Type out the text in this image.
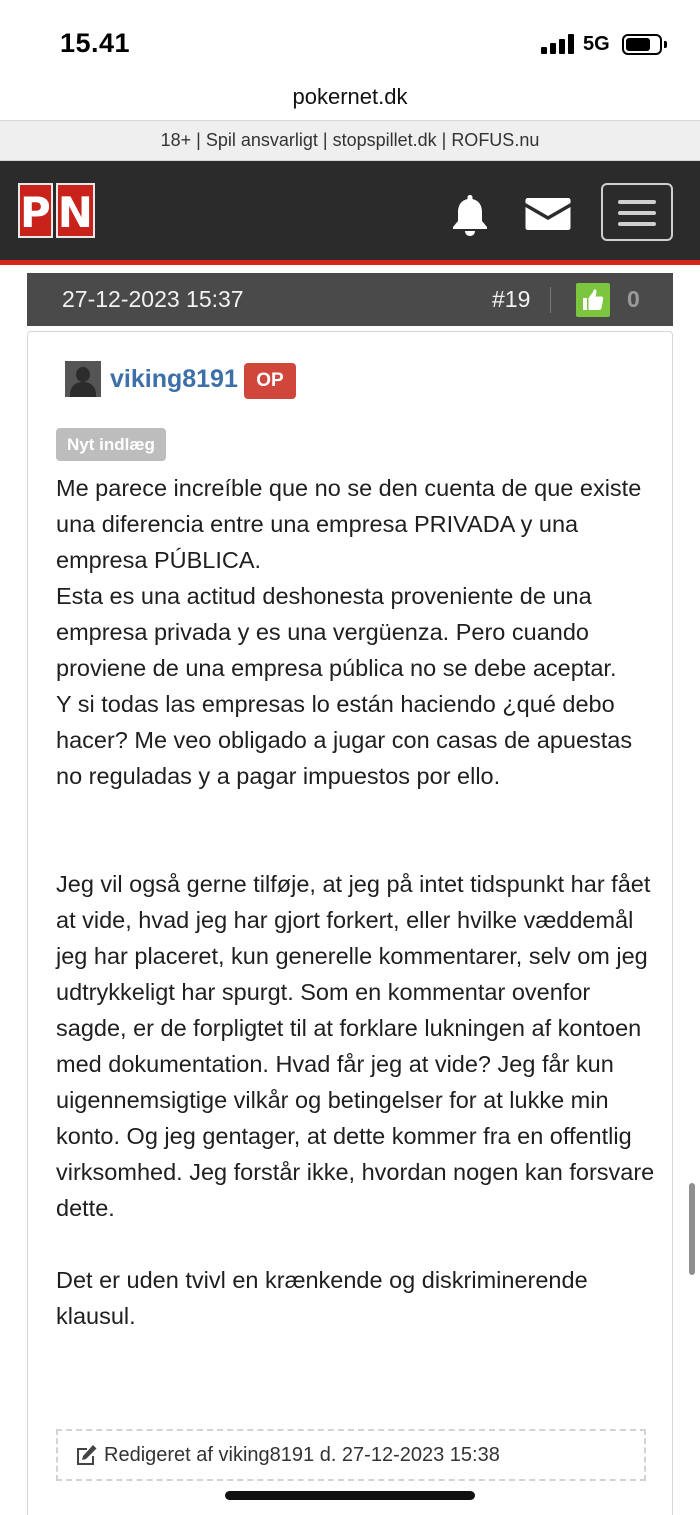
15.41	5G
pokernet.dk
18+ | Spil ansvarligt | stopspillet.dk | ROFUS.nu
P N
27-12-2023 15:37	#19	0
viking8191 OP
Nyt indlæg

Me parece increíble que no se den cuenta de que existe una diferencia entre una empresa PRIVADA y una empresa PÚBLICA.

Esta es una actitud deshonesta proveniente de una empresa privada y es una vergüenza. Pero cuando proviene de una empresa pública no se debe aceptar.

Y si todas las empresas lo están haciendo ¿qué debo hacer? Me veo obligado a jugar con casas de apuestas no reguladas y a pagar impuestos por ello.

Jeg vil også gerne tilføje, at jeg på intet tidspunkt har fået at vide, hvad jeg har gjort forkert, eller hvilke væddemål jeg har placeret, kun generelle kommentarer, selv om jeg udtrykkeligt har spurgt. Som en kommentar ovenfor sagde, er de forpligtet til at forklare lukningen af kontoen med dokumentation. Hvad får jeg at vide? Jeg får kun uigennemsigtige vilkår og betingelser for at lukke min konto. Og jeg gentager, at dette kommer fra en offentlig virksomhed. Jeg forstår ikke, hvordan nogen kan forsvare dette.

Det er uden tvivl en krænkende og diskriminerende klausul.

Redigeret af viking8191 d. 27-12-2023 15:38
